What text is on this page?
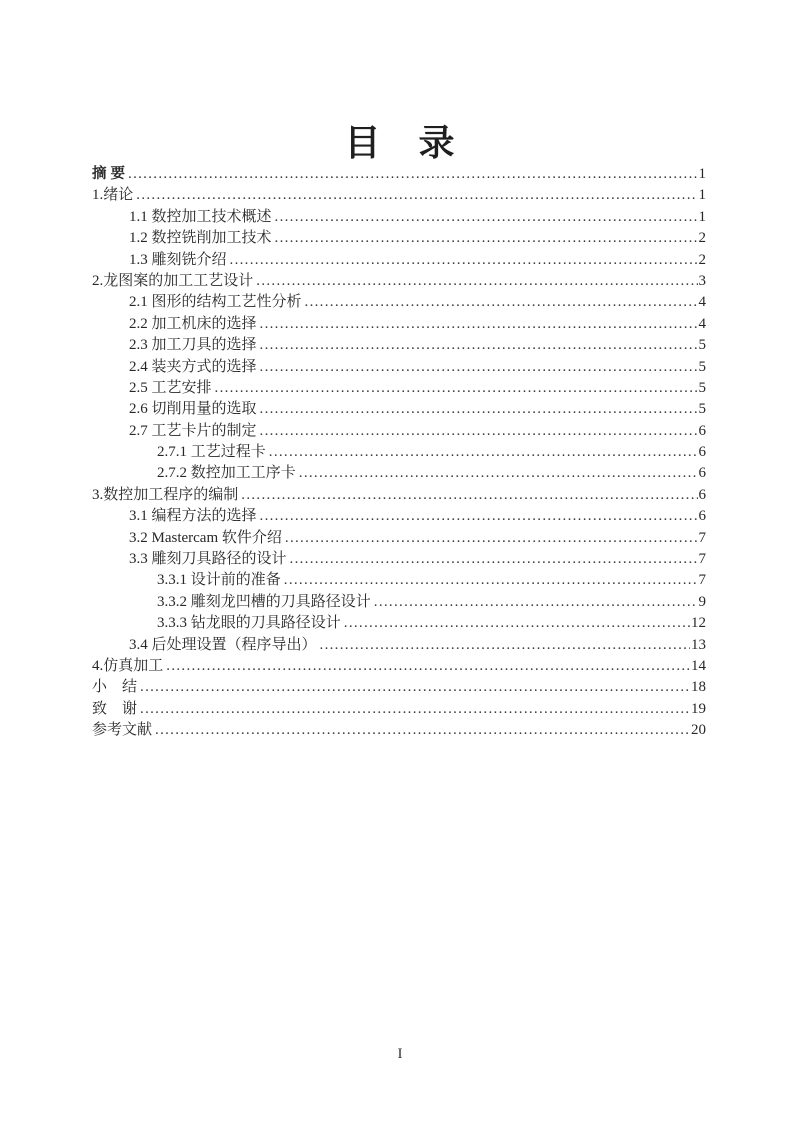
目　录
摘 要 .....	1
1.绪论 .....	1
1.1 数控加工技术概述 .....	1
1.2 数控铣削加工技术 .....	2
1.3 雕刻铣介绍 .....	2
2.龙图案的加工工艺设计 .....	3
2.1 图形的结构工艺性分析 .....	4
2.2 加工机床的选择 .....	4
2.3 加工刀具的选择 .....	5
2.4 装夹方式的选择 .....	5
2.5 工艺安排 .....	5
2.6 切削用量的选取 .....	5
2.7 工艺卡片的制定 .....	6
2.7.1 工艺过程卡 .....	6
2.7.2 数控加工工序卡 .....	6
3.数控加工程序的编制 .....	6
3.1 编程方法的选择 .....	6
3.2 Mastercam 软件介绍 .....	7
3.3 雕刻刀具路径的设计 .....	7
3.3.1 设计前的准备 .....	7
3.3.2 雕刻龙凹槽的刀具路径设计 .....	9
3.3.3 钻龙眼的刀具路径设计 .....	12
3.4 后处理设置（程序导出） .....	13
4.仿真加工 .....	14
小　结 .....	18
致　谢 .....	19
参考文献 .....	20
I
